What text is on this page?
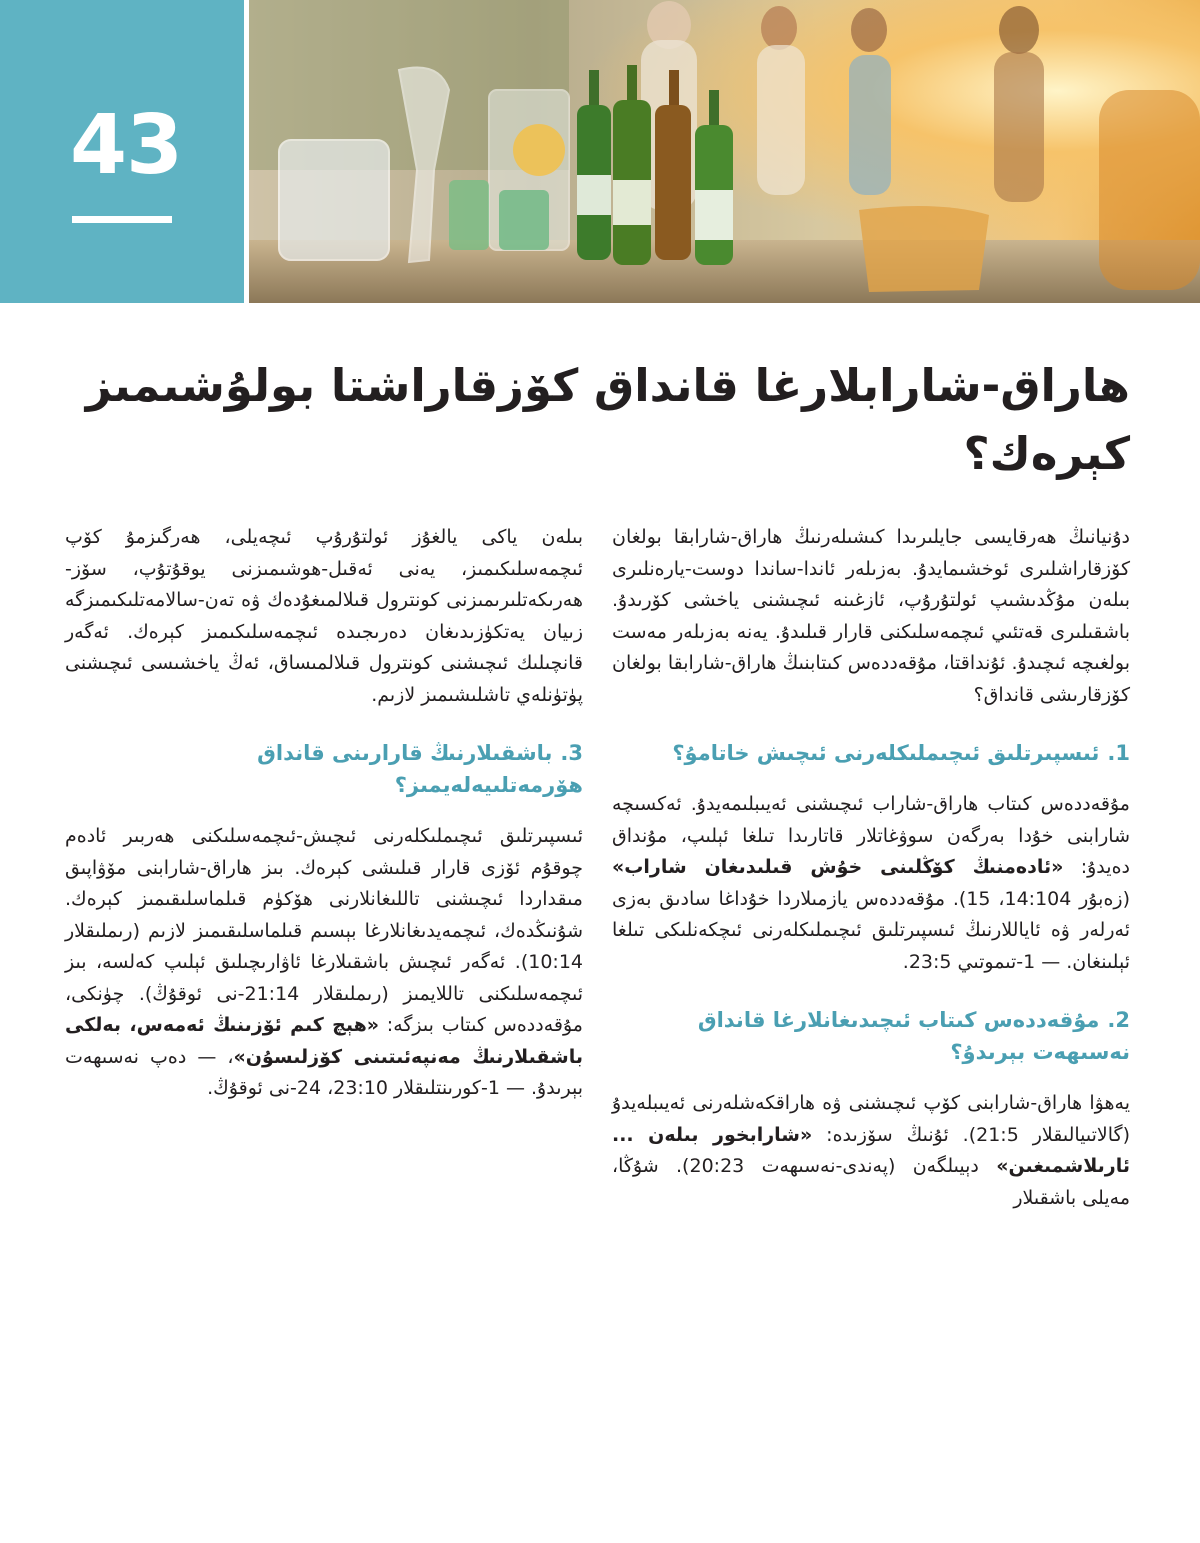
43
هاراق-شارابلارغا قانداق كۆزقاراشتا بولۇشىمىز كېرەك؟

دۇنيانىڭ ھەرقايسى جايلىرىدا كىشىلەرنىڭ ھاراق-شارابقا بولغان كۆزقاراشلىرى ئوخشىمايدۇ. بەزىلەر ئاندا-ساندا دوست-يارەنلىرى بىلەن مۇڭدىشىپ ئولتۇرۇپ، ئازغىنە ئىچىشنى ياخشى كۆرىدۇ. باشقىلىرى قەتئىي ئىچمەسلىكنى قارار قىلىدۇ. يەنە بەزىلەر مەست بولغىچە ئىچىدۇ. ئۇنداقتا، مۇقەددەس كىتابنىڭ ھاراق-شارابقا بولغان كۆزقارىشى قانداق؟

1.ئىسپىرتلىق ئىچىملىكلەرنى ئىچىش خاتامۇ؟

مۇقەددەس كىتاب ھاراق-شاراب ئىچىشنى ئەيىبلىمەيدۇ. ئەكسىچە شارابنى خۇدا بەرگەن سوۋغاتلار قاتارىدا تىلغا ئېلىپ، مۇنداق دەيدۇ: «ئادەمنىڭ كۆڭلىنى خۇش قىلىدىغان شاراب» (زەبۇر 14:104، 15). مۇقەددەس يازمىلاردا خۇداغا سادىق بەزى ئەرلەر ۋە ئاياللارنىڭ ئىسپىرتلىق ئىچىملىكلەرنى ئىچكەنلىكى تىلغا ئېلىنغان. — 1-تىموتىي 23:5.

2.مۇقەددەس كىتاب ئىچىدىغانلارغا قانداق نەسىھەت بېرىدۇ؟

يەھۋا ھاراق-شارابنى كۆپ ئىچىشنى ۋە ھاراقكەشلەرنى ئەيىبلەيدۇ (گالاتىيالىقلار 21:5). ئۇنىڭ سۆزىدە: «شارابخور بىلەن ... ئارىلاشمىغىن» دېيىلگەن (پەندى-نەسىھەت 20:23). شۇڭا، مەيلى باشقىلار

بىلەن ياكى يالغۇز ئولتۇرۇپ ئىچەيلى، ھەرگىزمۇ كۆپ ئىچمەسلىكىمىز، يەنى ئەقىل-ھوشىمىزنى يوقۇتۇپ، سۆز-ھەرىكەتلىرىمىزنى كونترول قىلالمىغۇدەك ۋە تەن-سالامەتلىكىمىزگە زىيان يەتكۈزىدىغان دەرىجىدە ئىچمەسلىكىمىز كېرەك. ئەگەر قانچىلىك ئىچىشنى كونترول قىلالمىساق، ئەڭ ياخشىسى ئىچىشنى پۈتۈنلەي تاشلىشىمىز لازىم.

3.باشقىلارنىڭ قارارىنى قانداق ھۆرمەتلىيەلەيمىز؟

ئىسپىرتلىق ئىچىملىكلەرنى ئىچىش-ئىچمەسلىكنى ھەربىر ئادەم چوقۇم ئۆزى قارار قىلىشى كېرەك. بىز ھاراق-شارابنى مۆۋاپىق مىقداردا ئىچىشنى تاللىغانلارنى ھۆكۈم قىلماسلىقىمىز كېرەك. شۇنىڭدەك، ئىچمەيدىغانلارغا بېسىم قىلماسلىقىمىز لازىم (رىملىقلار 10:14). ئەگەر ئىچىش باشقىلارغا ئاۋارىچىلىق ئېلىپ كەلسە، بىز ئىچمەسلىكنى تاللايمىز (رىملىقلار 21:14-نى ئوقۇڭ). چۈنكى، مۇقەددەس كىتاب بىزگە: «ھېچ كىم ئۆزىنىڭ ئەمەس، بەلكى باشقىلارنىڭ مەنپەئىتىنى كۆزلىسۇن»، — دەپ نەسىھەت بېرىدۇ. — 1-كورىنتلىقلار 23:10، 24-نى ئوقۇڭ.
